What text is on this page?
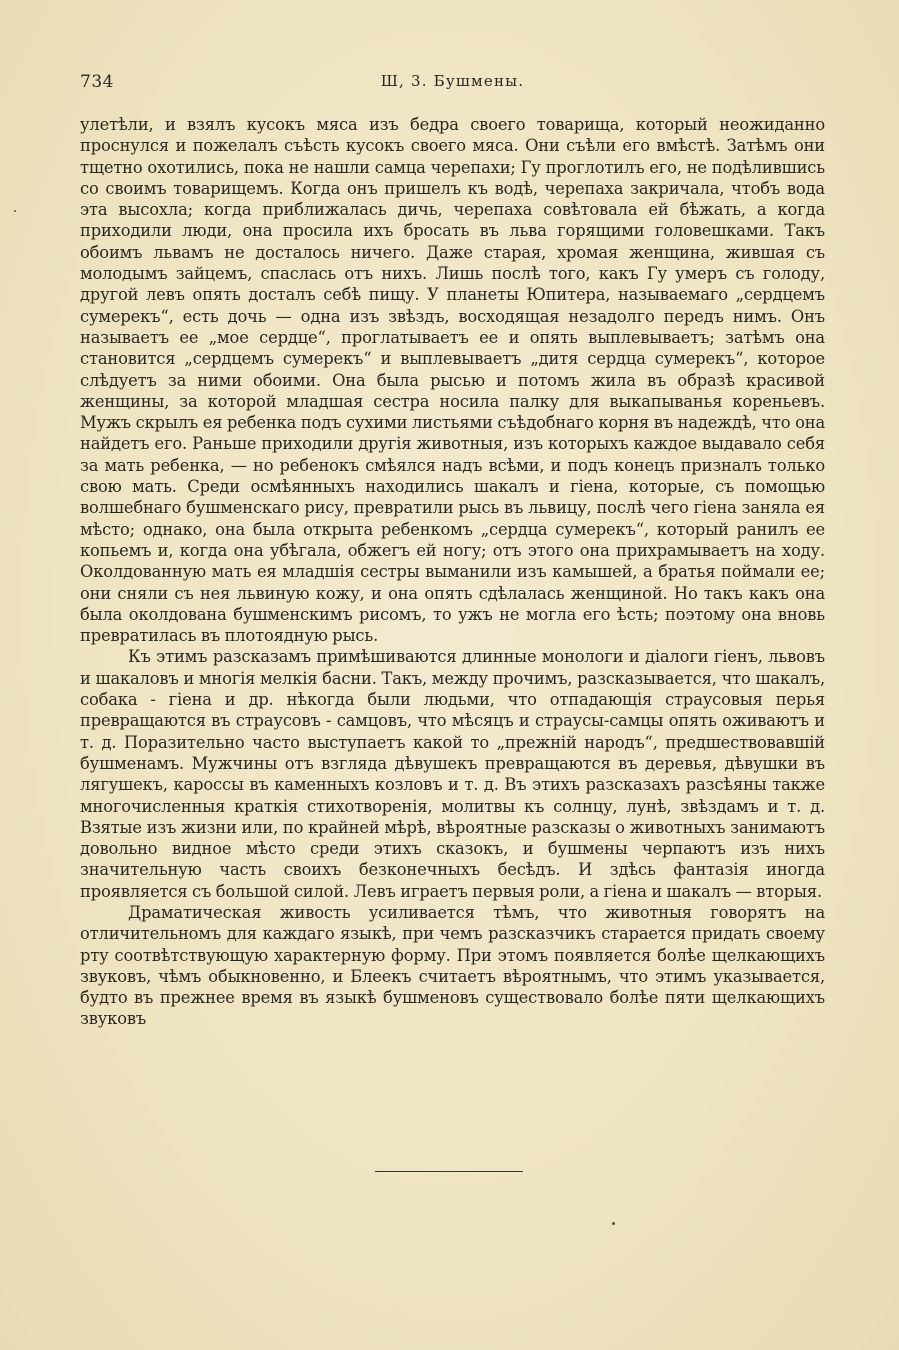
734	Ш, 3. Бушмены.

улетѣли, и взялъ кусокъ мяса изъ бедра своего товарища, который неожиданно проснулся и пожелалъ съѣсть кусокъ своего мяса. Они съѣли его вмѣстѣ. Затѣмъ они тщетно охотились, пока не нашли самца черепахи; Гу проглотилъ его, не подѣлившись со своимъ товарищемъ. Когда онъ пришелъ къ водѣ, черепаха закричала, чтобъ вода эта высохла; когда приближалась дичь, черепаха совѣтовала ей бѣжать, а когда приходили люди, она просила ихъ бросать въ льва горящими головешками. Такъ обоимъ львамъ не досталось ничего. Даже старая, хромая женщина, жившая съ молодымъ зайцемъ, спаслась отъ нихъ. Лишь послѣ того, какъ Гу умеръ съ голоду, другой левъ опять досталъ себѣ пищу. У планеты Юпитера, называемаго „сердцемъ сумерекъ“, есть дочь — одна изъ звѣздъ, восходящая незадолго передъ нимъ. Онъ называетъ ее „мое сердце“, проглатываетъ ее и опять выплевываетъ; затѣмъ она становится „сердцемъ сумерекъ“ и выплевываетъ „дитя сердца сумерекъ“, которое слѣдуетъ за ними обоими. Она была рысью и потомъ жила въ образѣ красивой женщины, за которой младшая сестра носила палку для выкапыванья кореньевъ. Мужъ скрылъ ея ребенка подъ сухими листьями съѣдобнаго корня въ надеждѣ, что она найдетъ его. Раньше приходили другія животныя, изъ которыхъ каждое выдавало себя за мать ребенка, — но ребенокъ смѣялся надъ всѣми, и подъ конецъ призналъ только свою мать. Среди осмѣянныхъ находились шакалъ и гіена, которые, съ помощью волшебнаго бушменскаго рису, превратили рысь въ львицу, послѣ чего гіена заняла ея мѣсто; однако, она была открыта ребенкомъ „сердца сумерекъ“, который ранилъ ее копьемъ и, когда она убѣгала, обжегъ ей ногу; отъ этого она прихрамываетъ на ходу. Околдованную мать ея младшія сестры выманили изъ камышей, а братья поймали ее; они сняли съ нея львиную кожу, и она опять сдѣлалась женщиной. Но такъ какъ она была околдована бушменскимъ рисомъ, то ужъ не могла его ѣсть; поэтому она вновь превратилась въ плотоядную рысь.

Къ этимъ разсказамъ примѣшиваются длинные монологи и діалоги гіенъ, львовъ и шакаловъ и многія мелкія басни. Такъ, между прочимъ, разсказывается, что шакалъ, собака - гіена и др. нѣкогда были людьми, что отпадающія страусовыя перья превращаются въ страусовъ - самцовъ, что мѣсяцъ и страусы-самцы опять оживаютъ и т. д. Поразительно часто выступаетъ какой то „прежній народъ“, предшествовавшій бушменамъ. Мужчины отъ взгляда дѣвушекъ превращаются въ деревья, дѣвушки въ лягушекъ, кароссы въ каменныхъ козловъ и т. д. Въ этихъ разсказахъ разсѣяны также многочисленныя краткія стихотворенія, молитвы къ солнцу, лунѣ, звѣздамъ и т. д. Взятые изъ жизни или, по крайней мѣрѣ, вѣроятные разсказы о животныхъ занимаютъ довольно видное мѣсто среди этихъ сказокъ, и бушмены черпаютъ изъ нихъ значительную часть своихъ безконечныхъ бесѣдъ. И здѣсь фантазія иногда проявляется съ большой силой. Левъ играетъ первыя роли, а гіена и шакалъ — вторыя.

Драматическая живость усиливается тѣмъ, что животныя говорятъ на отличительномъ для каждаго языкѣ, при чемъ разсказчикъ старается придать своему рту соотвѣтствующую характерную форму. При этомъ появляется болѣе щелкающихъ звуковъ, чѣмъ обыкновенно, и Блеекъ считаетъ вѣроятнымъ, что этимъ указывается, будто въ прежнее время въ языкѣ бушменовъ существовало болѣе пяти щелкающихъ звуковъ
